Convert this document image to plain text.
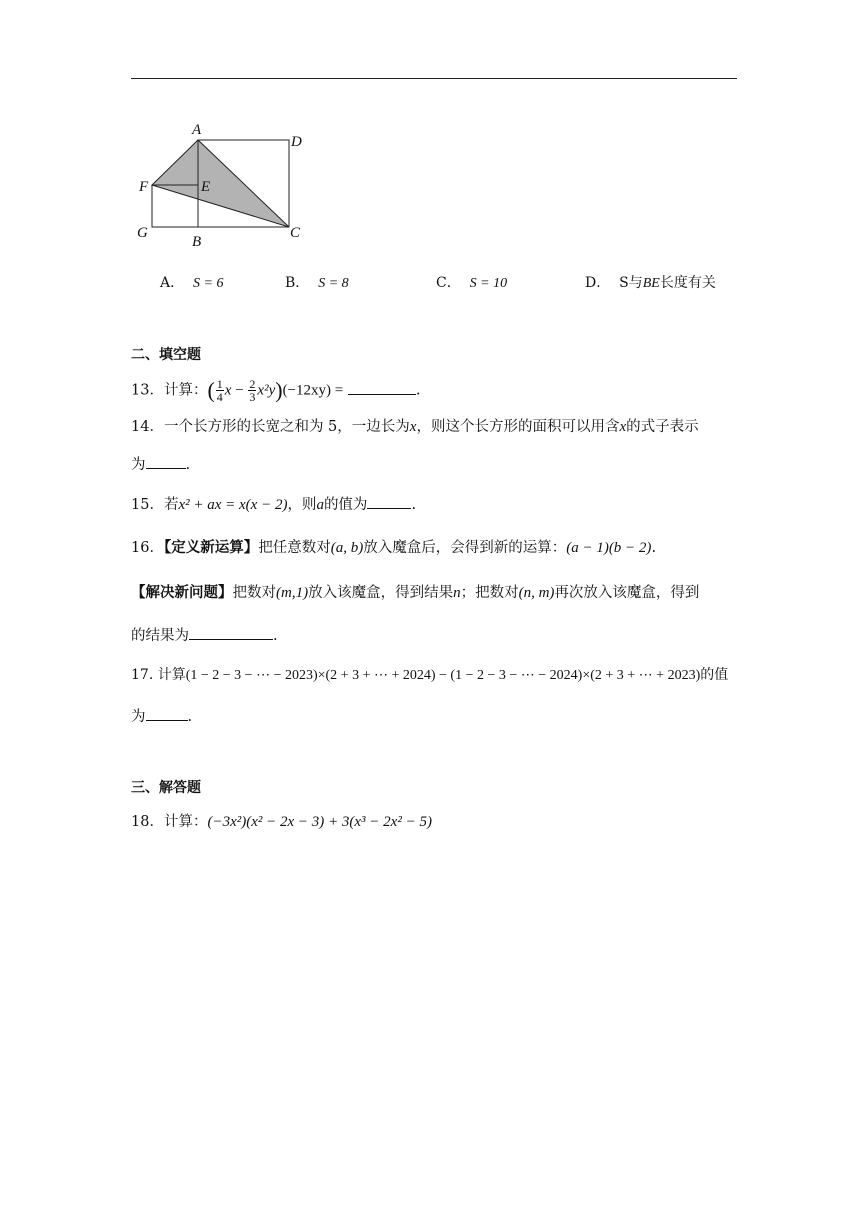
A
D
F	E
G
B
C
A． S = 6	B． S = 8	C． S = 10	D． S与BE长度有关
二、填空题
13．计算：( $\frac{1}{4}$ $x - \frac{2}{3} x^2y)(-12xy)$ =	.
14．一个长方形的长宽之和为 5，一边长为x，则这个长方形的面积可以用含x的式子表示
为	.
15．若x² + ax = x(x − 2)，则a的值为	.
16．【定义新运算】把任意数对(a, b)放入魔盒后，会得到新的运算：(a − 1)(b − 2).
【解决新问题】把数对(m,1)放入该魔盒，得到结果n；把数对(n, m)再次放入该魔盒，得到
的结果为	.
17. 计算(1 − 2 − 3 − ⋯ − 2023)×(2 + 3 + ⋯ + 2024) − (1 − 2 − 3 − ⋯ − 2024)×(2 + 3 + ⋯ + 2023)的值
为	.
三、解答题
18．计算：(−3x²)(x² − 2x − 3) + 3(x³ − 2x² − 5)
